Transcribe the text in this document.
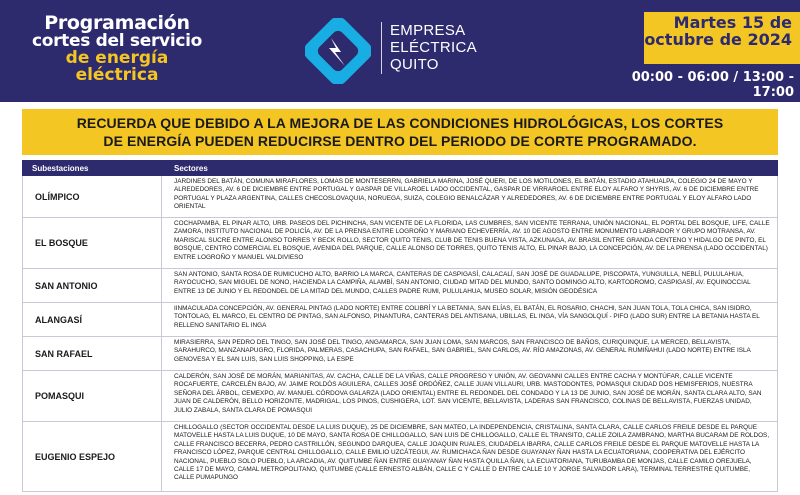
Programación
cortes del servicio
de energía eléctrica
EMPRESA
ELÉCTRICA
QUITO
Martes 15 de
octubre de 2024
00:00 - 06:00 / 13:00 - 17:00
RECUERDA QUE DEBIDO A LA MEJORA DE LAS CONDICIONES HIDROLÓGICAS, LOS CORTES
DE ENERGÍA PUEDEN REDUCIRSE DENTRO DEL PERIODO DE CORTE PROGRAMADO.
Subestaciones	Sectores
OLÍMPICO
JARDINES DEL BATÁN, COMUNA MIRAFLORES, LOMAS DE MONTESERRN, GABRIELA MARINA, JOSÉ QUERI, DE LOS MOTILONES, EL BATÁN, ESTADIO ATAHUALPA, COLEGIO 24 DE MAYO Y ALREDEDORES, AV. 6 DE DICIEMBRE ENTRE PORTUGAL Y GASPAR DE VILLAROEL LADO OCCIDENTAL, GASPAR DE VIRRAROEL ENTRE ELOY ALFARO Y SHYRIS, AV. 6 DE DICIEMBRE ENTRE PORTUGAL Y PLAZA ARGENTINA, CALLES CHECOSLOVAQUIA, NORUEGA, SUIZA, COLEGIO BENALCÁZAR Y ALREDEDORES, AV. 6 DE DICIEMBRE ENTRE PORTUGAL Y ELOY ALFARO LADO ORIENTAL
EL BOSQUE
COCHAPAMBA, EL PINAR ALTO, URB. PASEOS DEL PICHINCHA, SAN VICENTE DE LA FLORIDA, LAS CUMBRES, SAN VICENTE TERRANA, UNIÓN NACIONAL, EL PORTAL DEL BOSQUE, LIFE, CALLE ZAMORA, INSTITUTO NACIONAL DE POLICÍA, AV. DE LA PRENSA ENTRE LOGROÑO Y MARIANO ECHEVERRÍA, AV. 10 DE AGOSTO ENTRE MONUMENTO LABRADOR Y GRUPO MOTRANSA, AV. MARISCAL SUCRE ENTRE ALONSO TORRES Y BECK ROLLO, SECTOR QUITO TENIS, CLUB DE TENIS BUENA VISTA, AZKUNAGA, AV. BRASIL ENTRE GRANDA CENTENO Y HIDALGO DE PINTO, EL BOSQUE, CENTRO COMERCIAL EL BOSQUE, AVENIDA DEL PARQUE, CALLE ALONSO DE TORRES, QUITO TENIS ALTO, EL PINAR BAJO, LA CONCEPCIÓN, AV. DE LA PRENSA (LADO OCCIDENTAL) ENTRE LOGROÑO Y MANUEL VALDIVIESO
SAN ANTONIO
SAN ANTONIO, SANTA ROSA DE RUMICUCHO ALTO, BARRIO LA MARCA, CANTERAS DE CASPIGASÍ, CALACALÍ, SAN JOSÉ DE GUADALUPE, PISCOPATA, YUNGUILLA, NEBLÍ, PULULAHUA, RAYOCUCHO, SAN MIGUEL DE NONO, HACIENDA LA CAMPIÑA, ALAMBÍ, SAN ANTONIO, CIUDAD MITAD DEL MUNDO, SANTO DOMINGO ALTO, KARTODROMO, CASPIGASÍ, AV. EQUINOCCIAL ENTRE 13 DE JUNIO Y EL REDONDEL DE LA MITAD DEL MUNDO, CALLES PADRE RUMI, PULULAHUA, MUSEO SOLAR, MISIÓN GEODÉSICA
ALANGASÍ
IINMACULADA CONCEPCIÓN, AV. GENERAL PINTAG (LADO NORTE) ENTRE COLIBRÍ Y LA BETANIA, SAN ELÍAS, EL BATÁN, EL ROSARIO, CHACHI, SAN JUAN TOLA, TOLA CHICA, SAN ISIDRO, TONTOLAG, EL MARCO, EL CENTRO DE PINTAG, SAN ALFONSO, PINANTURA, CANTERAS DEL ANTISANA, UBILLAS, EL INGA, VÍA SANGOLQUÍ - PIFO (LADO SUR) ENTRE LA BETANIA HASTA EL RELLENO SANITARIO EL INGA
SAN RAFAEL
MIRASIERRA, SAN PEDRO DEL TINGO, SAN JOSÉ DEL TINGO, ANGAMARCA, SAN JUAN LOMA, SAN MARCOS, SAN FRANCISCO DE BAÑOS, CURIQUINQUE, LA MERCED, BELLAVISTA, SARAHURCO, MANZANAPUGRO, FLORIDA, PALMERAS, CASACHUPA, SAN RAFAEL, SAN GABRIEL, SAN CARLOS, AV. RÍO AMAZONAS, AV. GENERAL RUMIÑAHUI (LADO NORTE) ENTRE ISLA GENOVESA Y EL SAN LUIS, SAN LUIS SHOPPING, LA ESPE
POMASQUI
CALDERÓN, SAN JOSÉ DE MORÁN, MARIANITAS, AV. CACHA, CALLE DE LA VIÑAS, CALLE PROGRESO Y UNIÓN, AV. GEOVANNI CALLES ENTRE CACHA Y MONTÚFAR, CALLE VICENTE ROCAFUERTE, CARCELÉN BAJO, AV. JAIME ROLDÓS AGUILERA, CALLES JOSÉ ORDÓÑEZ, CALLE JUAN VILLAURI, URB. MASTODONTES, POMASQUI CIUDAD DOS HEMISFERIOS, NUESTRA SEÑORA DEL ÁRBOL, CEMEXPO, AV. MANUEL CÓRDOVA GALARZA (LADO ORIENTAL) ENTRE EL REDONDEL DEL CONDADO Y LA 13 DE JUNIO, SAN JOSÉ DE MORÁN, SANTA CLARA ALTO, SAN JUAN DE CALDERÓN, BELLO HORIZONTE, MADRIGAL, LOS PINOS, CUSHIGERA, LOT. SAN VICENTE, BELLAVISTA, LADERAS SAN FRANCISCO, COLINAS DE BELLAVISTA, FUERZAS UNIDAD, JULIO ZABALA, SANTA CLARA DE POMASQUI
EUGENIO ESPEJO
CHILLOGALLO (SECTOR OCCIDENTAL DESDE LA LUIS DUQUE), 25 DE DICIEMBRE, SAN MATEO, LA INDEPENDENCIA, CRISTALINA, SANTA CLARA, CALLE CARLOS FREILE DESDE EL PARQUE MATOVELLE HASTA LA LUIS DUQUE, 10 DE MAYO, SANTA ROSA DE CHILLOGALLO, SAN LUIS DE CHILLOGALLO, CALLE EL TRANSITO, CALLE ZOILA ZAMBRANO, MARTHA BUCARAM DE ROLDOS, CALLE FRANCISCO BECERRA, PEDRO CASTRILLÓN, SEGUNDO DARQUEA, CALLE JOAQUIN RUALES, CIUDADELA IBARRA, CALLE CARLOS FREILE DESDE EL PARQUE MATOVELLE HASTA LA FRANCISCO LÓPEZ, PARQUE CENTRAL CHILLOGALLO, CALLE EMILIO UZCÁTEGUI, AV. RUMICHACA ÑAN DESDE GUAYANAY ÑAN HASTA LA ECUATORIANA, COOPERATIVA DEL EJÉRCITO NACIONAL, PUEBLO SOLO PUEBLO, LA ARCADIA, AV. QUITUMBE ÑAN ENTRE GUAYANAY ÑAN HASTA QUILLA ÑAN, LA ECUATORIANA, TURUBAMBA DE MONJAS, CALLE CAMILO OREJUELA, CALLE 17 DE MAYO, CAMAL METROPOLITANO, QUITUMBE (CALLE ERNESTO ALBÁN, CALLE C Y CALLE D ENTRE CALLE 10 Y JORGE SALVADOR LARA), TERMINAL TERRESTRE QUITUMBE, CALLE PUMAPUNGO
